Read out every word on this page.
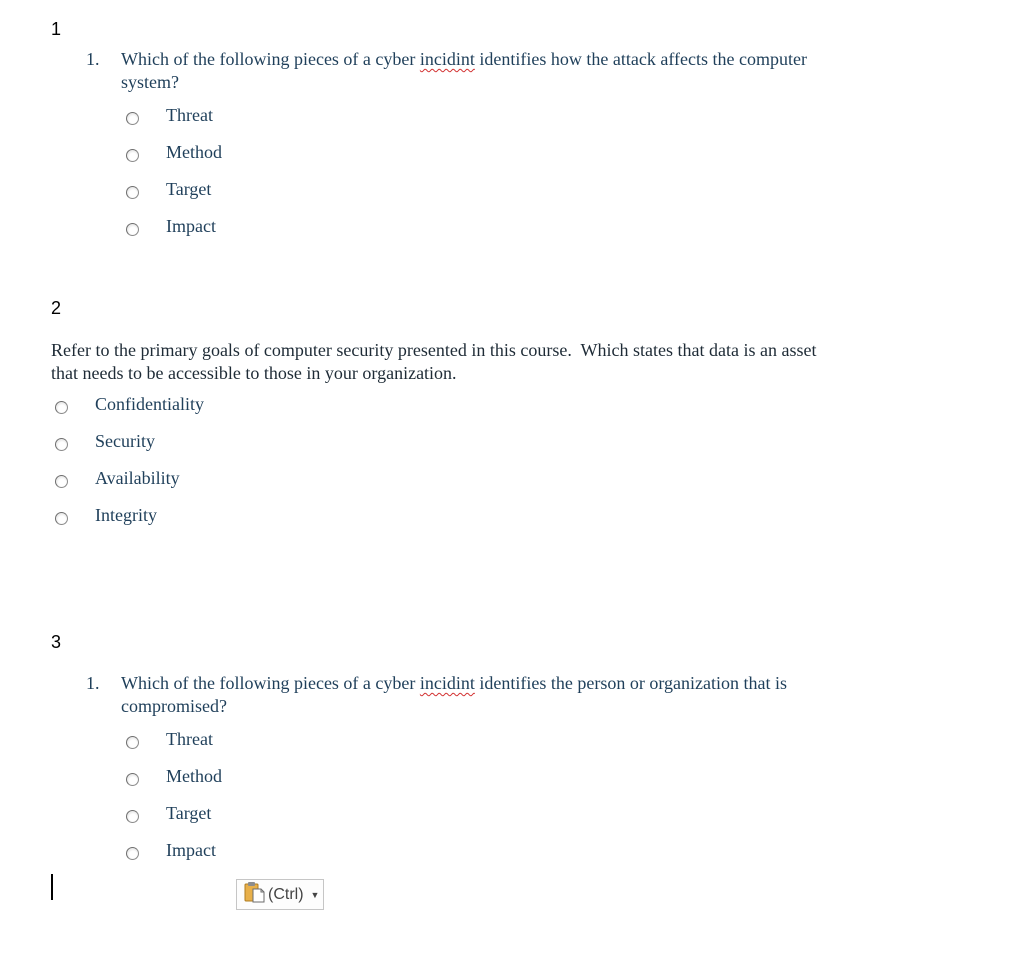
1
1. Which of the following pieces of a cyber incidint identifies how the attack affects the computer
system?
Threat
Method
Target
Impact
2
Refer to the primary goals of computer security presented in this course.  Which states that data is an asset
that needs to be accessible to those in your organization.
Confidentiality
Security
Availability
Integrity
3
1. Which of the following pieces of a cyber incidint identifies the person or organization that is
compromised?
Threat
Method
Target
Impact
(Ctrl) ▼
